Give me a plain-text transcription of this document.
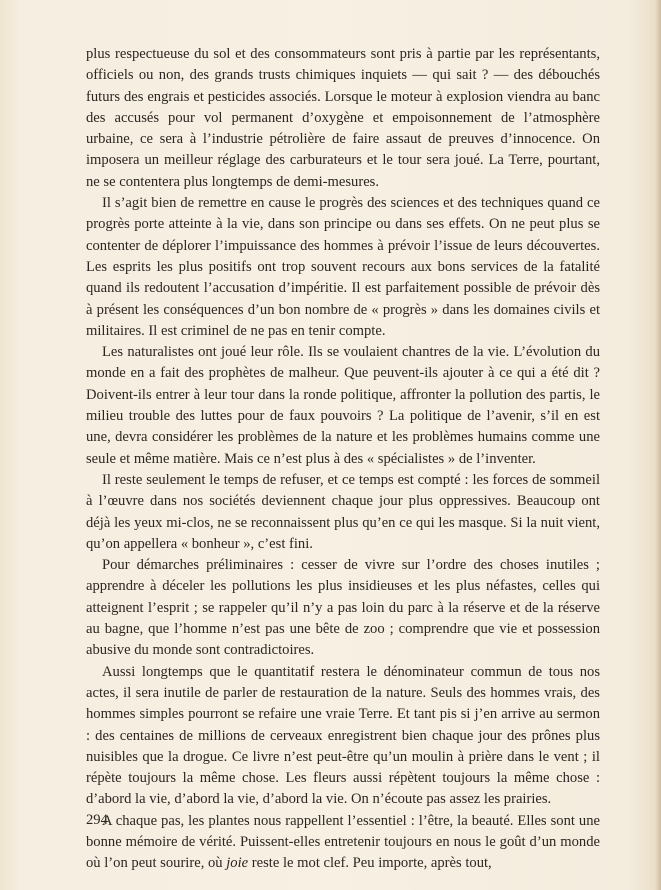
plus respectueuse du sol et des consommateurs sont pris à partie par les représentants, officiels ou non, des grands trusts chimiques inquiets — qui sait ? — des débouchés futurs des engrais et pesticides associés. Lorsque le moteur à explosion viendra au banc des accusés pour vol permanent d’oxygène et empoisonnement de l’atmosphère urbaine, ce sera à l’industrie pétrolière de faire assaut de preuves d’innocence. On imposera un meilleur réglage des carburateurs et le tour sera joué. La Terre, pourtant, ne se contentera plus longtemps de demi-mesures.

Il s’agit bien de remettre en cause le progrès des sciences et des techniques quand ce progrès porte atteinte à la vie, dans son principe ou dans ses effets. On ne peut plus se contenter de déplorer l’impuissance des hommes à prévoir l’issue de leurs découvertes. Les esprits les plus positifs ont trop souvent recours aux bons services de la fatalité quand ils redoutent l’accusation d’impéritie. Il est parfaitement possible de prévoir dès à présent les conséquences d’un bon nombre de « progrès » dans les domaines civils et militaires. Il est criminel de ne pas en tenir compte.

Les naturalistes ont joué leur rôle. Ils se voulaient chantres de la vie. L’évolution du monde en a fait des prophètes de malheur. Que peuvent-ils ajouter à ce qui a été dit ? Doivent-ils entrer à leur tour dans la ronde politique, affronter la pollution des partis, le milieu trouble des luttes pour de faux pouvoirs ? La politique de l’avenir, s’il en est une, devra considérer les problèmes de la nature et les problèmes humains comme une seule et même matière. Mais ce n’est plus à des « spécialistes » de l’inventer.

Il reste seulement le temps de refuser, et ce temps est compté : les forces de sommeil à l’œuvre dans nos sociétés deviennent chaque jour plus oppressives. Beaucoup ont déjà les yeux mi-clos, ne se reconnaissent plus qu’en ce qui les masque. Si la nuit vient, qu’on appellera « bonheur », c’est fini.

Pour démarches préliminaires : cesser de vivre sur l’ordre des choses inutiles ; apprendre à déceler les pollutions les plus insidieuses et les plus néfastes, celles qui atteignent l’esprit ; se rappeler qu’il n’y a pas loin du parc à la réserve et de la réserve au bagne, que l’homme n’est pas une bête de zoo ; comprendre que vie et possession abusive du monde sont contradictoires.

Aussi longtemps que le quantitatif restera le dénominateur commun de tous nos actes, il sera inutile de parler de restauration de la nature. Seuls des hommes vrais, des hommes simples pourront se refaire une vraie Terre. Et tant pis si j’en arrive au sermon : des centaines de millions de cerveaux enregistrent bien chaque jour des prônes plus nuisibles que la drogue. Ce livre n’est peut-être qu’un moulin à prière dans le vent ; il répète toujours la même chose. Les fleurs aussi répètent toujours la même chose : d’abord la vie, d’abord la vie, d’abord la vie. On n’écoute pas assez les prairies.

A chaque pas, les plantes nous rappellent l’essentiel : l’être, la beauté. Elles sont une bonne mémoire de vérité. Puissent-elles entretenir toujours en nous le goût d’un monde où l’on peut sourire, où joie reste le mot clef. Peu importe, après tout,

294
